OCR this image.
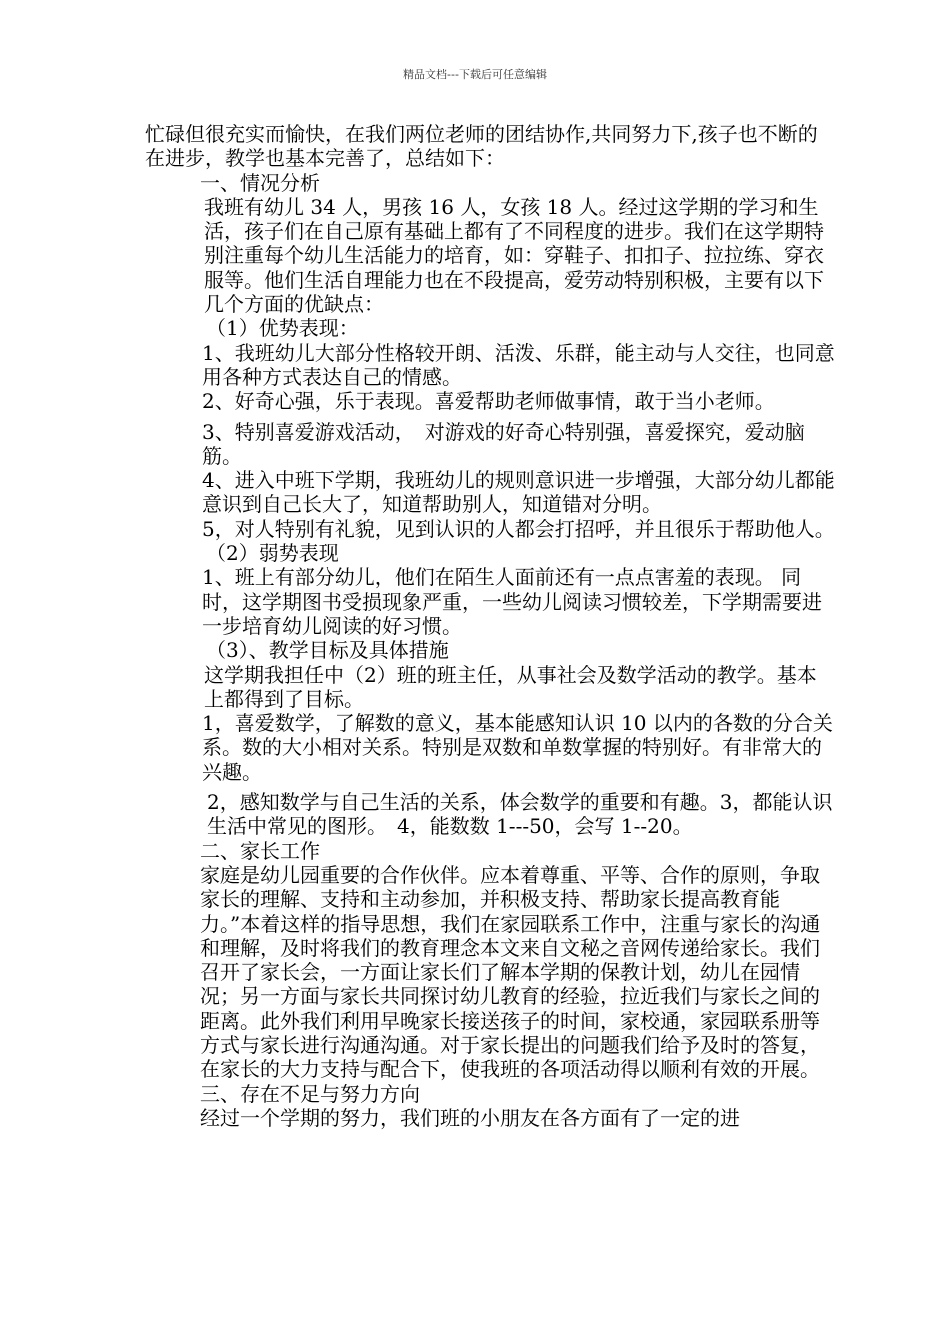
精品文档---下载后可任意编辑

忙碌但很充实而愉快，在我们两位老师的团结协作,共同努力下,孩子也不断的在进步，教学也基本完善了，总结如下：

一、情况分析

我班有幼儿 34 人，男孩 16 人，女孩 18 人。经过这学期的学习和生活，孩子们在自己原有基础上都有了不同程度的进步。我们在这学期特别注重每个幼儿生活能力的培育，如：穿鞋子、扣扣子、拉拉练、穿衣服等。他们生活自理能力也在不段提高，爱劳动特别积极，主要有以下几个方面的优缺点：

（1）优势表现：

1、我班幼儿大部分性格较开朗、活泼、乐群，能主动与人交往，也同意用各种方式表达自己的情感。

2、好奇心强，乐于表现。喜爱帮助老师做事情，敢于当小老师。

3、特别喜爱游戏活动，　对游戏的好奇心特别强，喜爱探究，爱动脑筋。

4、进入中班下学期，我班幼儿的规则意识进一步增强，大部分幼儿都能意识到自己长大了，知道帮助别人，知道错对分明。

5，对人特别有礼貌，见到认识的人都会打招呼，并且很乐于帮助他人。

（2）弱势表现

1、班上有部分幼儿，他们在陌生人面前还有一点点害羞的表现。 同时，这学期图书受损现象严重，一些幼儿阅读习惯较差，下学期需要进一步培育幼儿阅读的好习惯。

（3）、教学目标及具体措施

这学期我担任中（2）班的班主任，从事社会及数学活动的教学。基本上都得到了目标。

1，喜爱数学，了解数的意义，基本能感知认识 10 以内的各数的分合关系。数的大小相对关系。特别是双数和单数掌握的特别好。有非常大的兴趣。

2，感知数学与自己生活的关系，体会数学的重要和有趣。3，都能认识生活中常见的图形。　4，能数数 1---50，会写 1--20。

二、家长工作

家庭是幼儿园重要的合作伙伴。应本着尊重、平等、合作的原则，争取家长的理解、支持和主动参加，并积极支持、帮助家长提高教育能力。”本着这样的指导思想，我们在家园联系工作中，注重与家长的沟通和理解，及时将我们的教育理念本文来自文秘之音网传递给家长。我们召开了家长会，一方面让家长们了解本学期的保教计划，幼儿在园情况；另一方面与家长共同探讨幼儿教育的经验，拉近我们与家长之间的距离。此外我们利用早晚家长接送孩子的时间，家校通，家园联系册等方式与家长进行沟通沟通。对于家长提出的问题我们给予及时的答复，在家长的大力支持与配合下，使我班的各项活动得以顺利有效的开展。

三、存在不足与努力方向

经过一个学期的努力，我们班的小朋友在各方面有了一定的进
